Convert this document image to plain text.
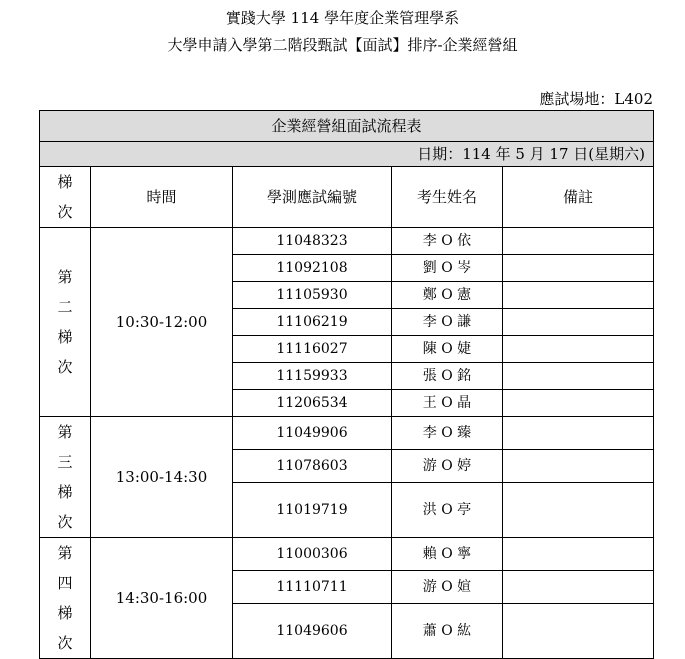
實踐大學 114 學年度企業管理學系
大學申請入學第二階段甄試【面試】排序-企業經營組
應試場地：L402
企業經營組面試流程表				
日期：114 年 5 月 17 日(星期六)				
梯次	時間	學測應試編號	考生姓名	備註
第二梯次	10:30-12:00	11048323	李 O 依	
		11092108	劉 O 岑	
		11105930	鄭 O 憲	
		11106219	李 O 謙	
		11116027	陳 O 婕	
		11159933	張 O 銘	
		11206534	王 O 晶	
第三梯次	13:00-14:30	11049906	李 O 臻	
		11078603	游 O 婷	
		11019719	洪 O 亭	
第四梯次	14:30-16:00	11000306	賴 O 寧	
		11110711	游 O 媗	
		11049606	蕭 O 紘	
